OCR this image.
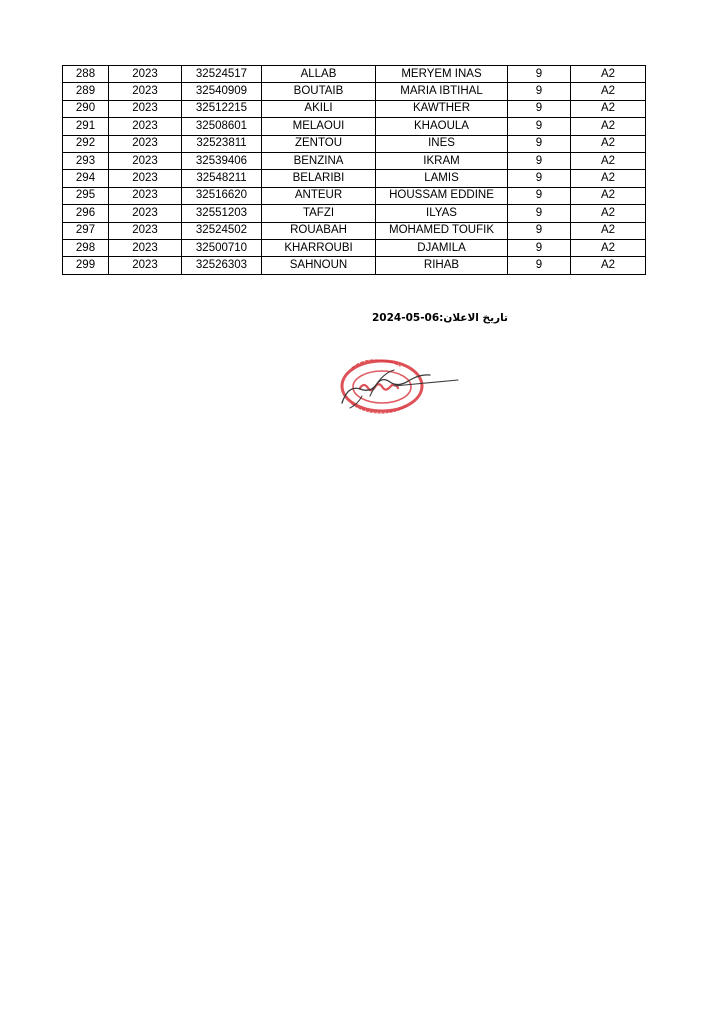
288	2023	32524517	ALLAB	MERYEM INAS	9	A2
289	2023	32540909	BOUTAIB	MARIA IBTIHAL	9	A2
290	2023	32512215	AKILI	KAWTHER	9	A2
291	2023	32508601	MELAOUI	KHAOULA	9	A2
292	2023	32523811	ZENTOU	INES	9	A2
293	2023	32539406	BENZINA	IKRAM	9	A2
294	2023	32548211	BELARIBI	LAMIS	9	A2
295	2023	32516620	ANTEUR	HOUSSAM EDDINE	9	A2
296	2023	32551203	TAFZI	ILYAS	9	A2
297	2023	32524502	ROUABAH	MOHAMED TOUFIK	9	A2
298	2023	32500710	KHARROUBI	DJAMILA	9	A2
299	2023	32526303	SAHNOUN	RIHAB	9	A2
تاريخ الاعلان:2024-05-06
